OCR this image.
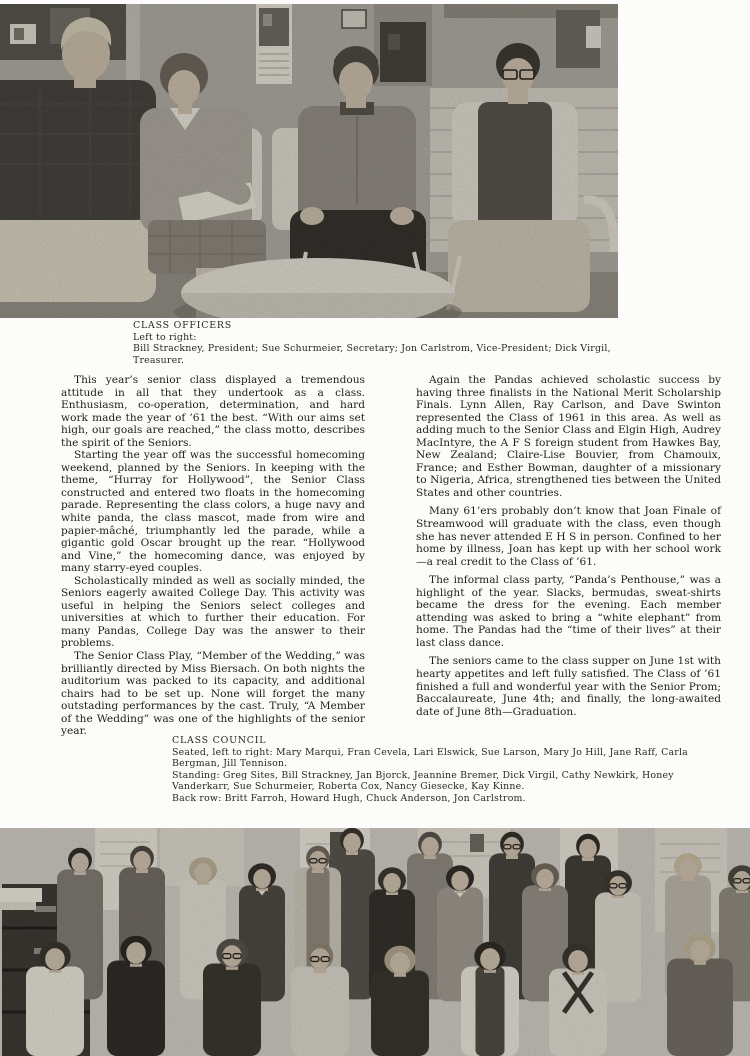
CLASS OFFICERS
Left to right:
Bill Strackney, President; Sue Schurmeier, Secretary; Jon Carlstrom, Vice-President; Dick Virgil, Treasurer.

This year’s senior class displayed a tremendous attitude in all that they undertook as a class. Enthusiasm, co-operation, determination, and hard work made the year of ’61 the best. “With our aims set high, our goals are reached,” the class motto, describes the spirit of the Seniors.

Starting the year off was the successful homecoming weekend, planned by the Seniors. In keeping with the theme, “Hurray for Hollywood”, the Senior Class constructed and entered two floats in the homecoming parade. Representing the class colors, a huge navy and white panda, the class mascot, made from wire and papier-mâché, triumphantly led the parade, while a gigantic gold Oscar brought up the rear. “Hollywood and Vine,” the homecoming dance, was enjoyed by many starry-eyed couples.

Scholastically minded as well as socially minded, the Seniors eagerly awaited College Day. This activity was useful in helping the Seniors select colleges and universities at which to further their education. For many Pandas, College Day was the answer to their problems.

The Senior Class Play, “Member of the Wedding,” was brilliantly directed by Miss Biersach. On both nights the auditorium was packed to its capacity, and additional chairs had to be set up. None will forget the many outstading performances by the cast. Truly, “A Member of the Wedding” was one of the highlights of the senior year.

Again the Pandas achieved scholastic success by having three finalists in the National Merit Scholarship Finals. Lynn Allen, Ray Carlson, and Dave Swinton represented the Class of 1961 in this area. As well as adding much to the Senior Class and Elgin High, Audrey MacIntyre, the A F S foreign student from Hawkes Bay, New Zealand; Claire-Lise Bouvier, from Chamouix, France; and Esther Bowman, daughter of a missionary to Nigeria, Africa, strengthened ties between the United States and other countries.

Many 61’ers probably don’t know that Joan Finale of Streamwood will graduate with the class, even though she has never attended E H S in person. Confined to her home by illness, Joan has kept up with her school work—a real credit to the Class of ’61.

The informal class party, “Panda’s Penthouse,” was a highlight of the year. Slacks, bermudas, sweat-shirts became the dress for the evening. Each member attending was asked to bring a “white elephant” from home. The Pandas had the “time of their lives” at their last class dance.

The seniors came to the class supper on June 1st with hearty appetites and left fully satisfied. The Class of ’61 finished a full and wonderful year with the Senior Prom; Baccalaureate, June 4th; and finally, the long-awaited date of June 8th—Graduation.

CLASS COUNCIL
Seated, left to right: Mary Marqui, Fran Cevela, Lari Elswick, Sue Larson, Mary Jo Hill, Jane Raff, Carla Bergman, Jill Tennison.
Standing: Greg Sites, Bill Strackney, Jan Bjorck, Jeannine Bremer, Dick Virgil, Cathy Newkirk, Honey Vanderkarr, Sue Schurmeier, Roberta Cox, Nancy Giesecke, Kay Kinne.
Back row: Britt Farroh, Howard Hugh, Chuck Anderson, Jon Carlstrom.
